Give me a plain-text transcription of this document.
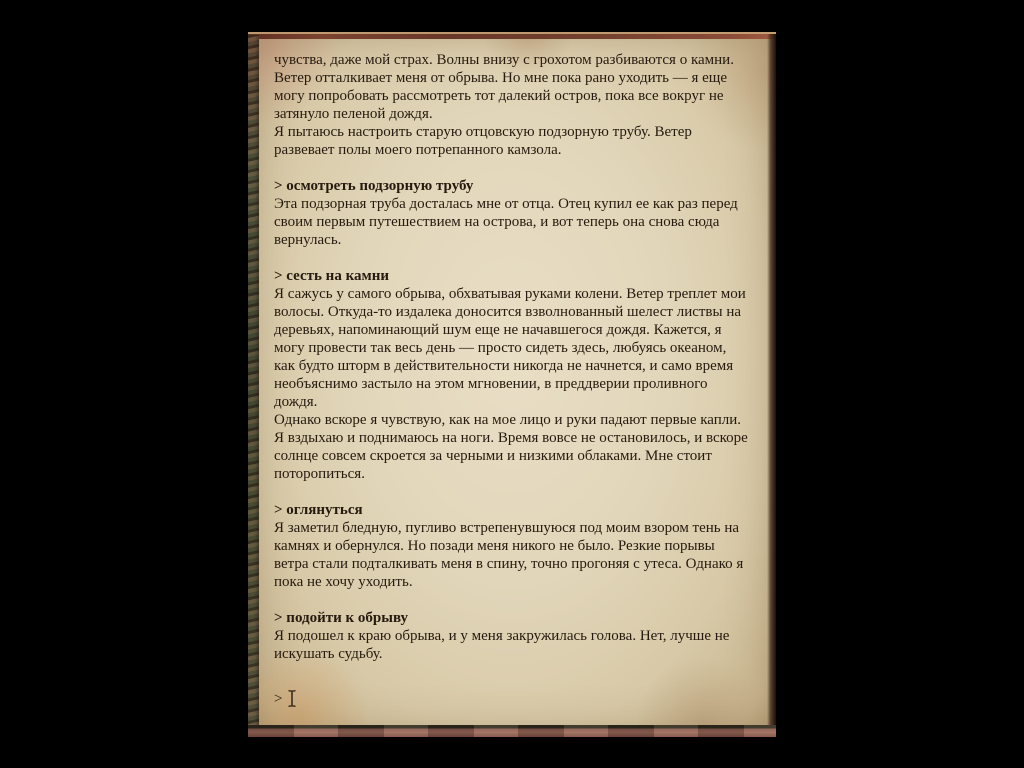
чувства, даже мой страх. Волны внизу с грохотом разбиваются о камни. Ветер отталкивает меня от обрыва. Но мне пока рано уходить — я еще могу попробовать рассмотреть тот далекий остров, пока все вокруг не затянуло пеленой дождя.

Я пытаюсь настроить старую отцовскую подзорную трубу. Ветер развевает полы моего потрепанного камзола.

> осмотреть подзорную трубу

Эта подзорная труба досталась мне от отца. Отец купил ее как раз перед своим первым путешествием на острова, и вот теперь она снова сюда вернулась.

> сесть на камни

Я сажусь у самого обрыва, обхватывая руками колени. Ветер треплет мои волосы. Откуда-то издалека доносится взволнованный шелест листвы на деревьях, напоминающий шум еще не начавшегося дождя. Кажется, я могу провести так весь день — просто сидеть здесь, любуясь океаном, как будто шторм в действительности никогда не начнется, и само время необъяснимо застыло на этом мгновении, в преддверии проливного дождя.

Однако вскоре я чувствую, как на мое лицо и руки падают первые капли. Я вздыхаю и поднимаюсь на ноги. Время вовсе не остановилось, и вскоре солнце совсем скроется за черными и низкими облаками. Мне стоит поторопиться.

> оглянуться

Я заметил бледную, пугливо встрепенувшуюся под моим взором тень на камнях и обернулся. Но позади меня никого не было. Резкие порывы ветра стали подталкивать меня в спину, точно прогоняя с утеса. Однако я пока не хочу уходить.

> подойти к обрыву

Я подошел к краю обрыва, и у меня закружилась голова. Нет, лучше не искушать судьбу.

>
